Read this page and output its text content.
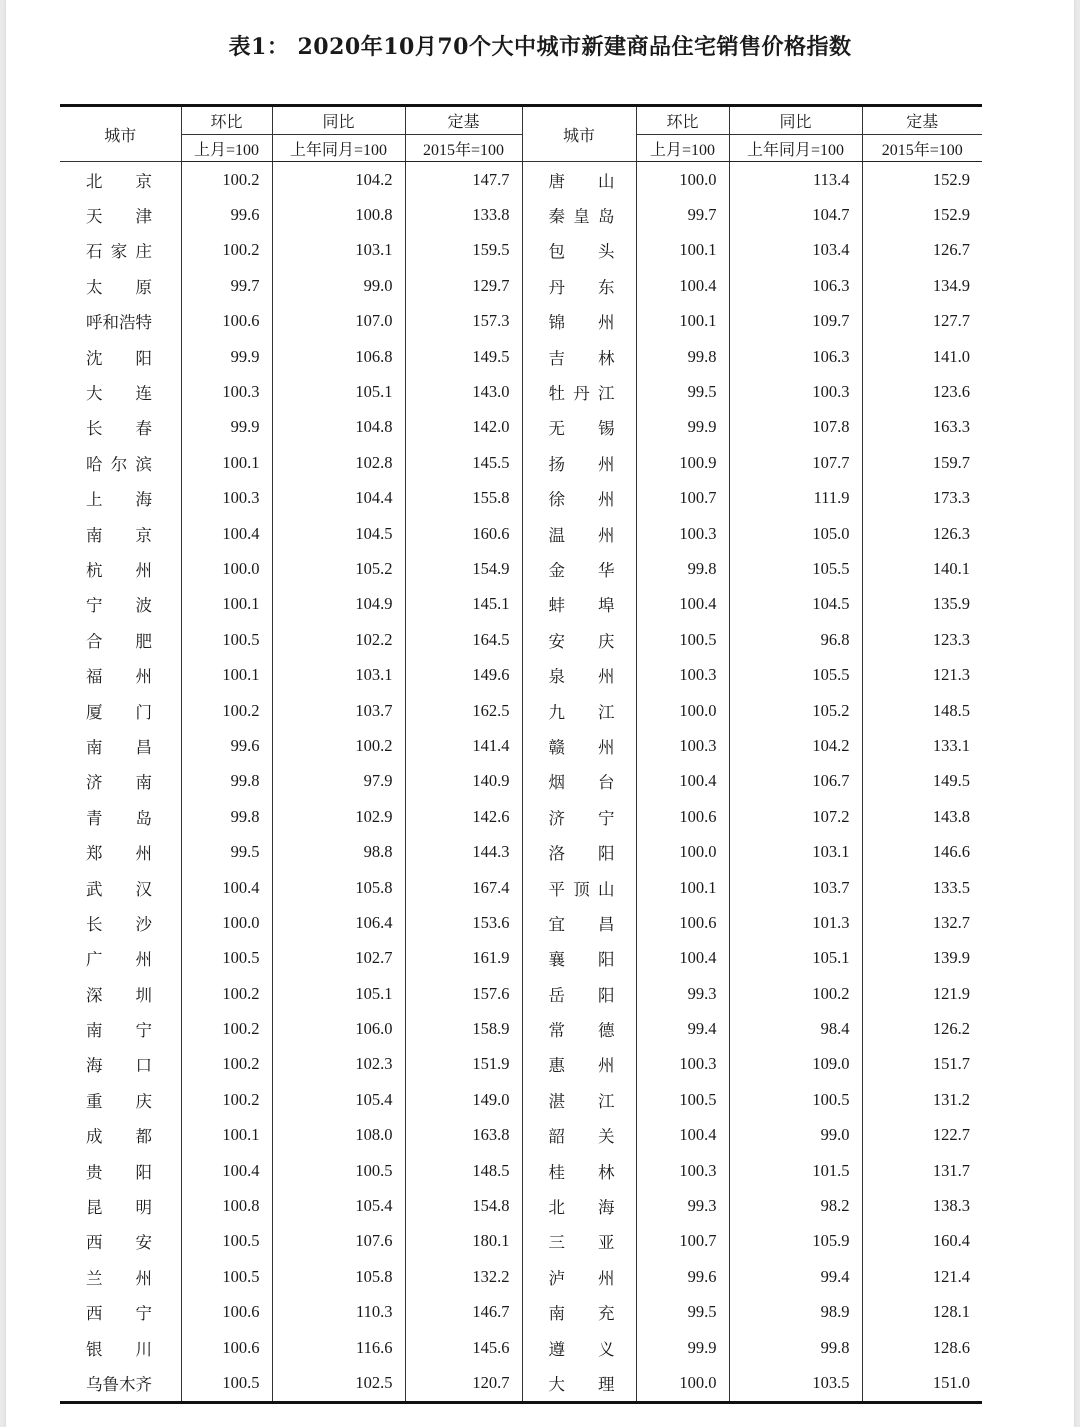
表1： 2020年10月70个大中城市新建商品住宅销售价格指数
城市	环比	同比	定基	城市	环比	同比	定基
	上月=100	上年同月=100	2015年=100		上月=100	上年同月=100	2015年=100

北　京	100.2	104.2	147.7	唐　山	100.0	113.4	152.9

天　津	99.6	100.8	133.8	秦皇岛	99.7	104.7	152.9

石家庄	100.2	103.1	159.5	包　头	100.1	103.4	126.7

太　原	99.7	99.0	129.7	丹　东	100.4	106.3	134.9

呼和浩特	100.6	107.0	157.3	锦　州	100.1	109.7	127.7

沈　阳	99.9	106.8	149.5	吉　林	99.8	106.3	141.0

大　连	100.3	105.1	143.0	牡丹江	99.5	100.3	123.6

长　春	99.9	104.8	142.0	无　锡	99.9	107.8	163.3

哈尔滨	100.1	102.8	145.5	扬　州	100.9	107.7	159.7

上　海	100.3	104.4	155.8	徐　州	100.7	111.9	173.3

南　京	100.4	104.5	160.6	温　州	100.3	105.0	126.3

杭　州	100.0	105.2	154.9	金　华	99.8	105.5	140.1

宁　波	100.1	104.9	145.1	蚌　埠	100.4	104.5	135.9

合　肥	100.5	102.2	164.5	安　庆	100.5	96.8	123.3

福　州	100.1	103.1	149.6	泉　州	100.3	105.5	121.3

厦　门	100.2	103.7	162.5	九　江	100.0	105.2	148.5

南　昌	99.6	100.2	141.4	赣　州	100.3	104.2	133.1

济　南	99.8	97.9	140.9	烟　台	100.4	106.7	149.5

青　岛	99.8	102.9	142.6	济　宁	100.6	107.2	143.8

郑　州	99.5	98.8	144.3	洛　阳	100.0	103.1	146.6

武　汉	100.4	105.8	167.4	平顶山	100.1	103.7	133.5

长　沙	100.0	106.4	153.6	宜　昌	100.6	101.3	132.7

广　州	100.5	102.7	161.9	襄　阳	100.4	105.1	139.9

深　圳	100.2	105.1	157.6	岳　阳	99.3	100.2	121.9

南　宁	100.2	106.0	158.9	常　德	99.4	98.4	126.2

海　口	100.2	102.3	151.9	惠　州	100.3	109.0	151.7

重　庆	100.2	105.4	149.0	湛　江	100.5	100.5	131.2

成　都	100.1	108.0	163.8	韶　关	100.4	99.0	122.7

贵　阳	100.4	100.5	148.5	桂　林	100.3	101.5	131.7

昆　明	100.8	105.4	154.8	北　海	99.3	98.2	138.3

西　安	100.5	107.6	180.1	三　亚	100.7	105.9	160.4

兰　州	100.5	105.8	132.2	泸　州	99.6	99.4	121.4

西　宁	100.6	110.3	146.7	南　充	99.5	98.9	128.1

银　川	100.6	116.6	145.6	遵　义	99.9	99.8	128.6

乌鲁木齐	100.5	102.5	120.7	大　理	100.0	103.5	151.0
